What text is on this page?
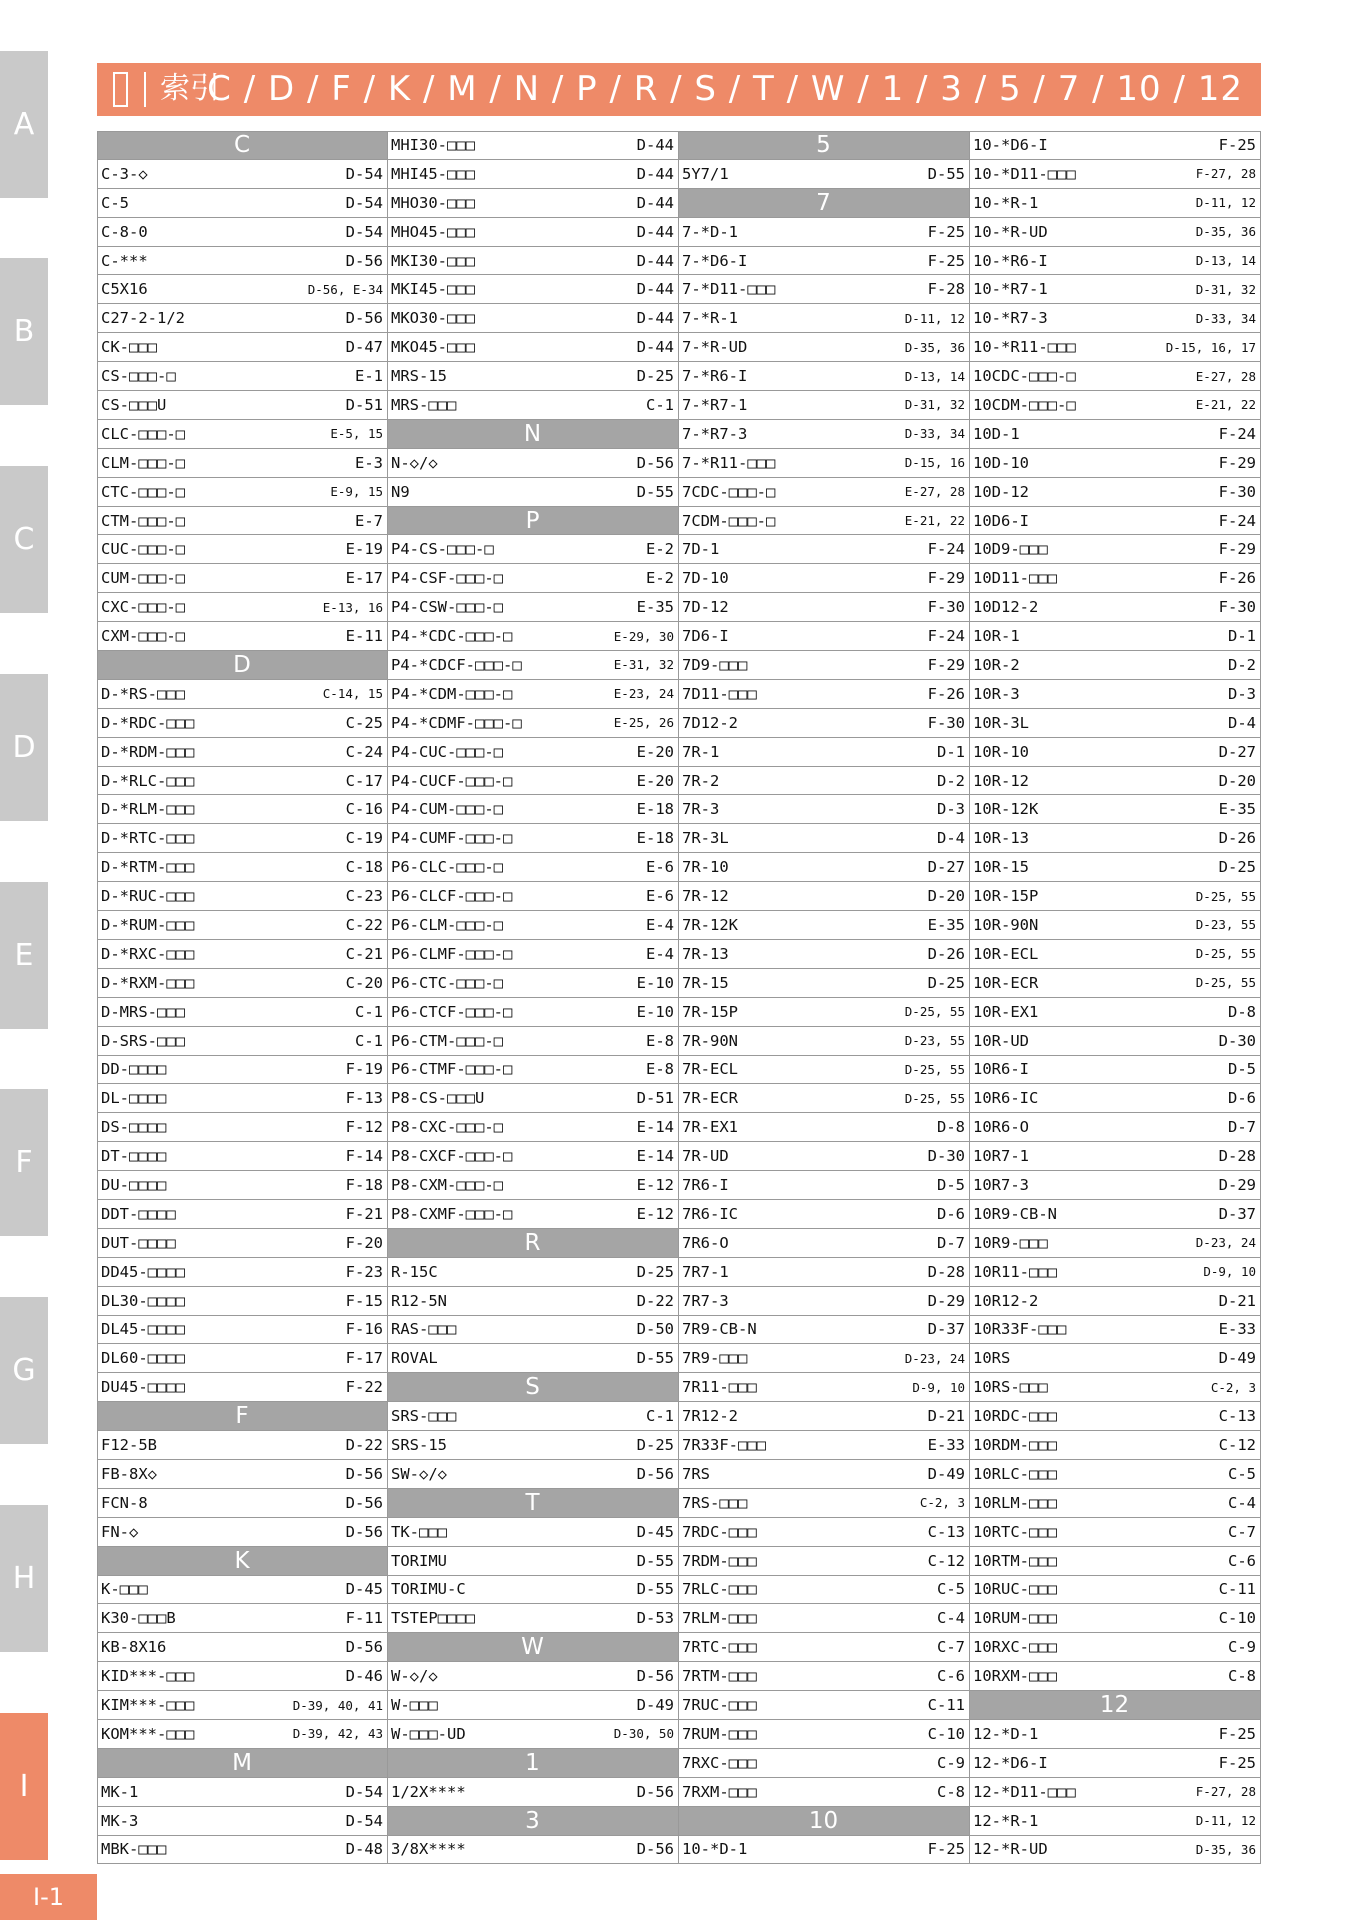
A
B
C
D
E
F
G
H
I
I-1
索引
C / D / F / K / M / N / P / R / S / T / W / 1 / 3 / 5 / 7 / 10 / 12
C
C-3-◇	D-54
C-5	D-54
C-8-0	D-54
C-***	D-56
C5X16	D-56, E-34
C27-2-1/2	D-56
CK-□□□	D-47
CS-□□□-□	E-1
CS-□□□U	D-51
CLC-□□□-□	E-5, 15
CLM-□□□-□	E-3
CTC-□□□-□	E-9, 15
CTM-□□□-□	E-7
CUC-□□□-□	E-19
CUM-□□□-□	E-17
CXC-□□□-□	E-13, 16
CXM-□□□-□	E-11
D
D-*RS-□□□	C-14, 15
D-*RDC-□□□	C-25
D-*RDM-□□□	C-24
D-*RLC-□□□	C-17
D-*RLM-□□□	C-16
D-*RTC-□□□	C-19
D-*RTM-□□□	C-18
D-*RUC-□□□	C-23
D-*RUM-□□□	C-22
D-*RXC-□□□	C-21
D-*RXM-□□□	C-20
D-MRS-□□□	C-1
D-SRS-□□□	C-1
DD-□□□□	F-19
DL-□□□□	F-13
DS-□□□□	F-12
DT-□□□□	F-14
DU-□□□□	F-18
DDT-□□□□	F-21
DUT-□□□□	F-20
DD45-□□□□	F-23
DL30-□□□□	F-15
DL45-□□□□	F-16
DL60-□□□□	F-17
DU45-□□□□	F-22
F
F12-5B	D-22
FB-8X◇	D-56
FCN-8	D-56
FN-◇	D-56
K
K-□□□	D-45
K30-□□□B	F-11
KB-8X16	D-56
KID***-□□□	D-46
KIM***-□□□	D-39, 40, 41
KOM***-□□□	D-39, 42, 43
M
MK-1	D-54
MK-3	D-54
MBK-□□□	D-48
MHI30-□□□	D-44
MHI45-□□□	D-44
MHO30-□□□	D-44
MHO45-□□□	D-44
MKI30-□□□	D-44
MKI45-□□□	D-44
MKO30-□□□	D-44
MKO45-□□□	D-44
MRS-15	D-25
MRS-□□□	C-1
N
N-◇/◇	D-56
N9	D-55
P
P4-CS-□□□-□	E-2
P4-CSF-□□□-□	E-2
P4-CSW-□□□-□	E-35
P4-*CDC-□□□-□	E-29, 30
P4-*CDCF-□□□-□	E-31, 32
P4-*CDM-□□□-□	E-23, 24
P4-*CDMF-□□□-□	E-25, 26
P4-CUC-□□□-□	E-20
P4-CUCF-□□□-□	E-20
P4-CUM-□□□-□	E-18
P4-CUMF-□□□-□	E-18
P6-CLC-□□□-□	E-6
P6-CLCF-□□□-□	E-6
P6-CLM-□□□-□	E-4
P6-CLMF-□□□-□	E-4
P6-CTC-□□□-□	E-10
P6-CTCF-□□□-□	E-10
P6-CTM-□□□-□	E-8
P6-CTMF-□□□-□	E-8
P8-CS-□□□U	D-51
P8-CXC-□□□-□	E-14
P8-CXCF-□□□-□	E-14
P8-CXM-□□□-□	E-12
P8-CXMF-□□□-□	E-12
R
R-15C	D-25
R12-5N	D-22
RAS-□□□	D-50
ROVAL	D-55
S
SRS-□□□	C-1
SRS-15	D-25
SW-◇/◇	D-56
T
TK-□□□	D-45
TORIMU	D-55
TORIMU-C	D-55
TSTEP□□□□	D-53
W
W-◇/◇	D-56
W-□□□	D-49
W-□□□-UD	D-30, 50
1
1/2X****	D-56
3
3/8X****	D-56
5
5Y7/1	D-55
7
7-*D-1	F-25
7-*D6-I	F-25
7-*D11-□□□	F-28
7-*R-1	D-11, 12
7-*R-UD	D-35, 36
7-*R6-I	D-13, 14
7-*R7-1	D-31, 32
7-*R7-3	D-33, 34
7-*R11-□□□	D-15, 16
7CDC-□□□-□	E-27, 28
7CDM-□□□-□	E-21, 22
7D-1	F-24
7D-10	F-29
7D-12	F-30
7D6-I	F-24
7D9-□□□	F-29
7D11-□□□	F-26
7D12-2	F-30
7R-1	D-1
7R-2	D-2
7R-3	D-3
7R-3L	D-4
7R-10	D-27
7R-12	D-20
7R-12K	E-35
7R-13	D-26
7R-15	D-25
7R-15P	D-25, 55
7R-90N	D-23, 55
7R-ECL	D-25, 55
7R-ECR	D-25, 55
7R-EX1	D-8
7R-UD	D-30
7R6-I	D-5
7R6-IC	D-6
7R6-O	D-7
7R7-1	D-28
7R7-3	D-29
7R9-CB-N	D-37
7R9-□□□	D-23, 24
7R11-□□□	D-9, 10
7R12-2	D-21
7R33F-□□□	E-33
7RS	D-49
7RS-□□□	C-2, 3
7RDC-□□□	C-13
7RDM-□□□	C-12
7RLC-□□□	C-5
7RLM-□□□	C-4
7RTC-□□□	C-7
7RTM-□□□	C-6
7RUC-□□□	C-11
7RUM-□□□	C-10
7RXC-□□□	C-9
7RXM-□□□	C-8
10
10-*D-1	F-25
10-*D6-I	F-25
10-*D11-□□□	F-27, 28
10-*R-1	D-11, 12
10-*R-UD	D-35, 36
10-*R6-I	D-13, 14
10-*R7-1	D-31, 32
10-*R7-3	D-33, 34
10-*R11-□□□	D-15, 16, 17
10CDC-□□□-□	E-27, 28
10CDM-□□□-□	E-21, 22
10D-1	F-24
10D-10	F-29
10D-12	F-30
10D6-I	F-24
10D9-□□□	F-29
10D11-□□□	F-26
10D12-2	F-30
10R-1	D-1
10R-2	D-2
10R-3	D-3
10R-3L	D-4
10R-10	D-27
10R-12	D-20
10R-12K	E-35
10R-13	D-26
10R-15	D-25
10R-15P	D-25, 55
10R-90N	D-23, 55
10R-ECL	D-25, 55
10R-ECR	D-25, 55
10R-EX1	D-8
10R-UD	D-30
10R6-I	D-5
10R6-IC	D-6
10R6-O	D-7
10R7-1	D-28
10R7-3	D-29
10R9-CB-N	D-37
10R9-□□□	D-23, 24
10R11-□□□	D-9, 10
10R12-2	D-21
10R33F-□□□	E-33
10RS	D-49
10RS-□□□	C-2, 3
10RDC-□□□	C-13
10RDM-□□□	C-12
10RLC-□□□	C-5
10RLM-□□□	C-4
10RTC-□□□	C-7
10RTM-□□□	C-6
10RUC-□□□	C-11
10RUM-□□□	C-10
10RXC-□□□	C-9
10RXM-□□□	C-8
12
12-*D-1	F-25
12-*D6-I	F-25
12-*D11-□□□	F-27, 28
12-*R-1	D-11, 12
12-*R-UD	D-35, 36
